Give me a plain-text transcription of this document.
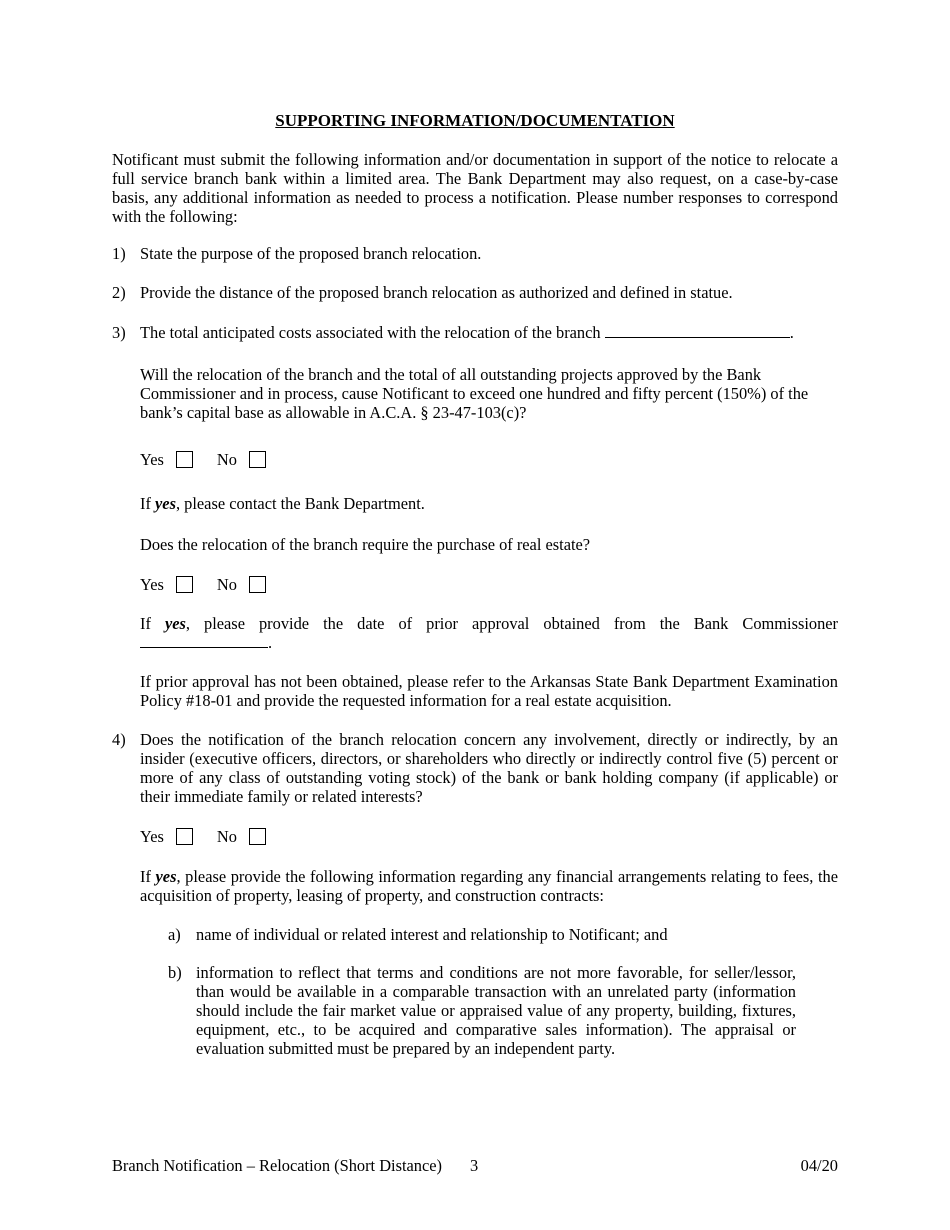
SUPPORTING INFORMATION/DOCUMENTATION
Notificant must submit the following information and/or documentation in support of the notice to relocate a full service branch bank within a limited area. The Bank Department may also request, on a case-by-case basis, any additional information as needed to process a notification. Please number responses to correspond with the following:
1) State the purpose of the proposed branch relocation.
2) Provide the distance of the proposed branch relocation as authorized and defined in statue.
3) The total anticipated costs associated with the relocation of the branch	.
Will the relocation of the branch and the total of all outstanding projects approved by the Bank Commissioner and in process, cause Notificant to exceed one hundred and fifty percent (150%) of the bank’s capital base as allowable in A.C.A. § 23-47-103(c)?
Yes	No
If yes, please contact the Bank Department.
Does the relocation of the branch require the purchase of real estate?
Yes	No
If yes, please provide the date of prior approval obtained from the Bank Commissioner
.
If prior approval has not been obtained, please refer to the Arkansas State Bank Department Examination Policy #18-01 and provide the requested information for a real estate acquisition.
4) Does the notification of the branch relocation concern any involvement, directly or indirectly, by an insider (executive officers, directors, or shareholders who directly or indirectly control five (5) percent or more of any class of outstanding voting stock) of the bank or bank holding company (if applicable) or their immediate family or related interests?
Yes	No
If yes, please provide the following information regarding any financial arrangements relating to fees, the acquisition of property, leasing of property, and construction contracts:
a) name of individual or related interest and relationship to Notificant; and
b) information to reflect that terms and conditions are not more favorable, for seller/lessor, than would be available in a comparable transaction with an unrelated party (information should include the fair market value or appraised value of any property, building, fixtures, equipment, etc., to be acquired and comparative sales information). The appraisal or evaluation submitted must be prepared by an independent party.
Branch Notification – Relocation (Short Distance) 3	04/20
